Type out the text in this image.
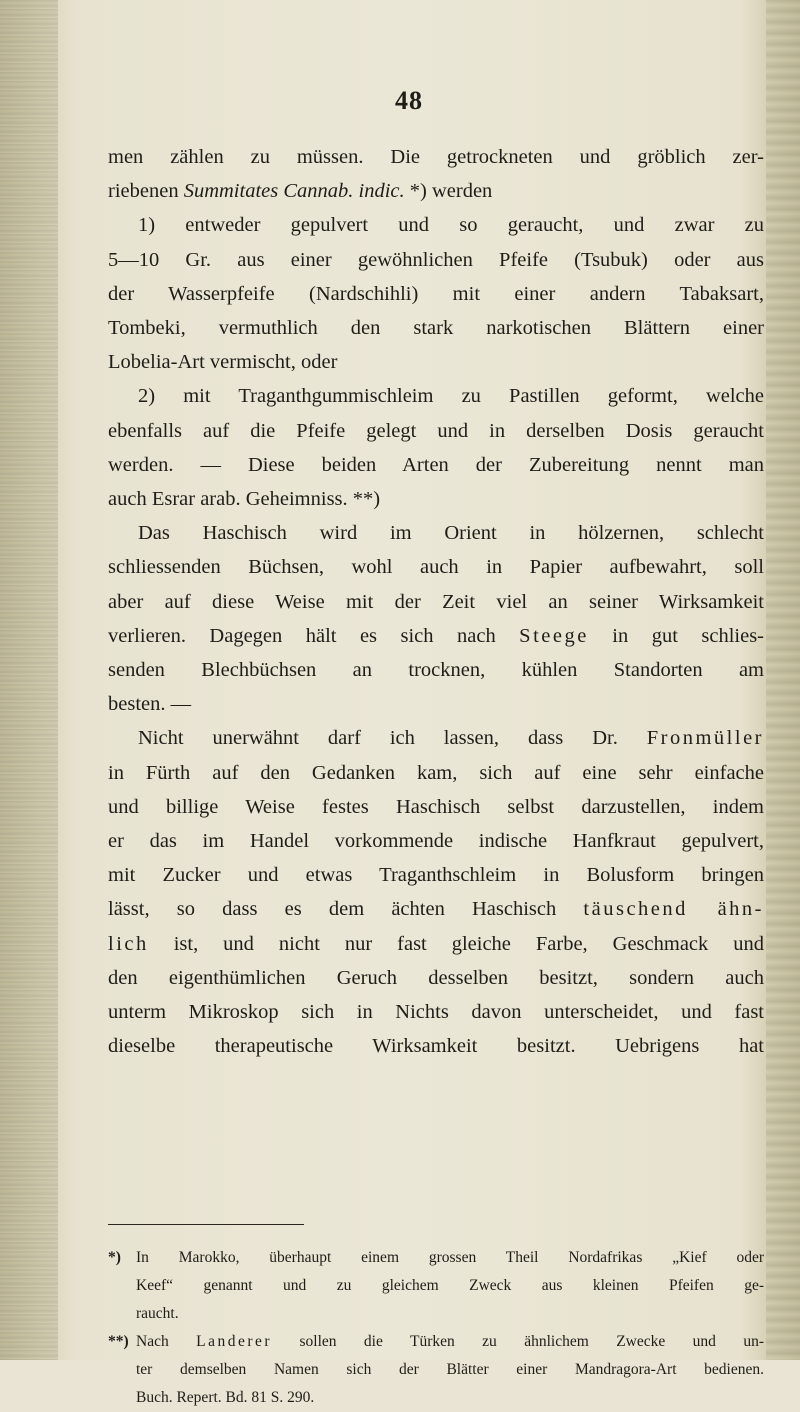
48
men zählen zu müssen. Die getrockneten und gröblich zer-
riebenen Summitates Cannab. indic. *) werden
1) entweder gepulvert und so geraucht, und zwar zu
5—10 Gr. aus einer gewöhnlichen Pfeife (Tsubuk) oder aus
der Wasserpfeife (Nardschihli) mit einer andern Tabaksart,
Tombeki, vermuthlich den stark narkotischen Blättern einer
Lobelia-Art vermischt, oder
2) mit Traganthgummischleim zu Pastillen geformt, welche
ebenfalls auf die Pfeife gelegt und in derselben Dosis geraucht
werden. — Diese beiden Arten der Zubereitung nennt man
auch Esrar arab. Geheimniss. **)
Das Haschisch wird im Orient in hölzernen, schlecht
schliessenden Büchsen, wohl auch in Papier aufbewahrt, soll
aber auf diese Weise mit der Zeit viel an seiner Wirksamkeit
verlieren. Dagegen hält es sich nach Steege in gut schlies-
senden Blechbüchsen an trocknen, kühlen Standorten am
besten. —
Nicht unerwähnt darf ich lassen, dass Dr. Fronmüller
in Fürth auf den Gedanken kam, sich auf eine sehr einfache
und billige Weise festes Haschisch selbst darzustellen, indem
er das im Handel vorkommende indische Hanfkraut gepulvert,
mit Zucker und etwas Traganthschleim in Bolusform bringen
lässt, so dass es dem ächten Haschisch täuschend ähn-
lich ist, und nicht nur fast gleiche Farbe, Geschmack und
den eigenthümlichen Geruch desselben besitzt, sondern auch
unterm Mikroskop sich in Nichts davon unterscheidet, und fast
dieselbe therapeutische Wirksamkeit besitzt. Uebrigens hat
*) In Marokko, überhaupt einem grossen Theil Nordafrikas „Kief oder
Keef“ genannt und zu gleichem Zweck aus kleinen Pfeifen ge-
raucht.
**) Nach Landerer sollen die Türken zu ähnlichem Zwecke und un-
ter demselben Namen sich der Blätter einer Mandragora-Art bedienen.
Buch. Repert. Bd. 81 S. 290.
